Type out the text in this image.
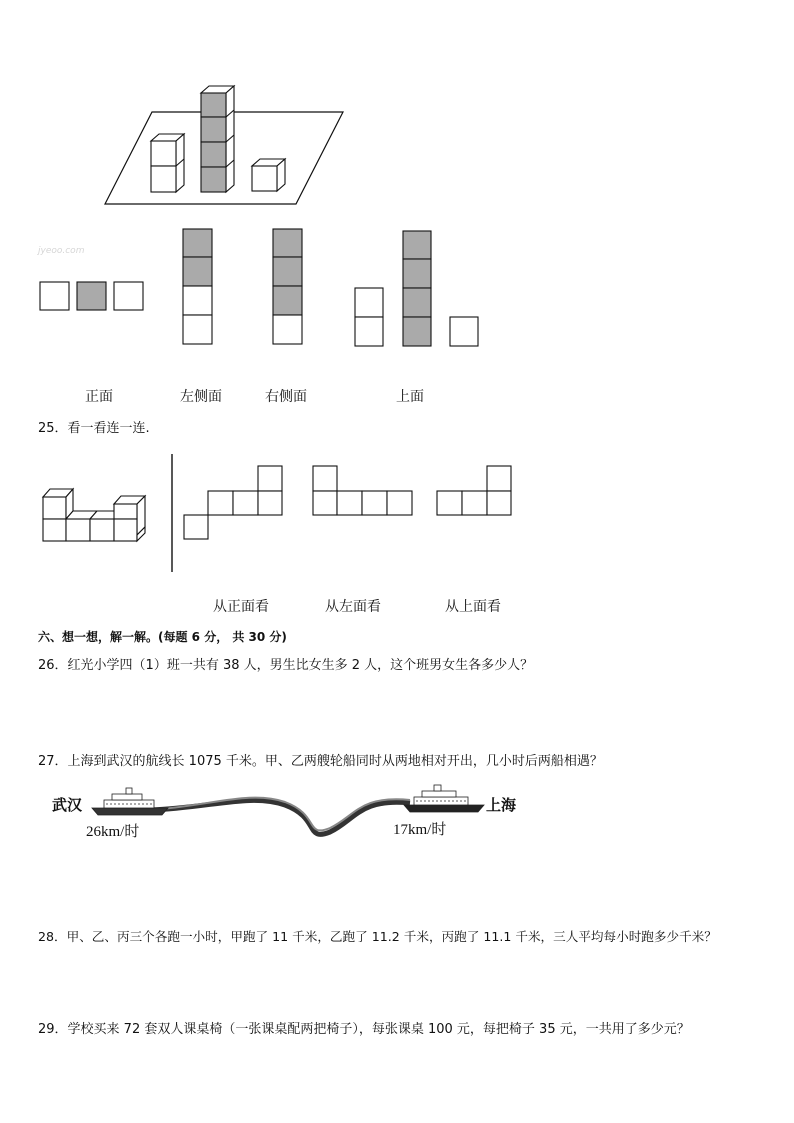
jyeoo.com
正面	左侧面	右侧面	上面
25．看一看连一连.
从正面看	从左面看	从上面看
六、想一想，解一解。(每题 6 分， 共 30 分)
26．红光小学四（1）班一共有 38 人，男生比女生多 2 人，这个班男女生各多少人？
27．上海到武汉的航线长 1075 千米。甲、乙两艘轮船同时从两地相对开出，几小时后两船相遇？
武汉	上海
26km/时	17km/时
28．甲、乙、丙三个各跑一小时，甲跑了 11 千米，乙跑了 11.2 千米，丙跑了 11.1 千米，三人平均每小时跑多少千米？
29．学校买来 72 套双人课桌椅（一张课桌配两把椅子），每张课桌 100 元，每把椅子 35 元，一共用了多少元？
